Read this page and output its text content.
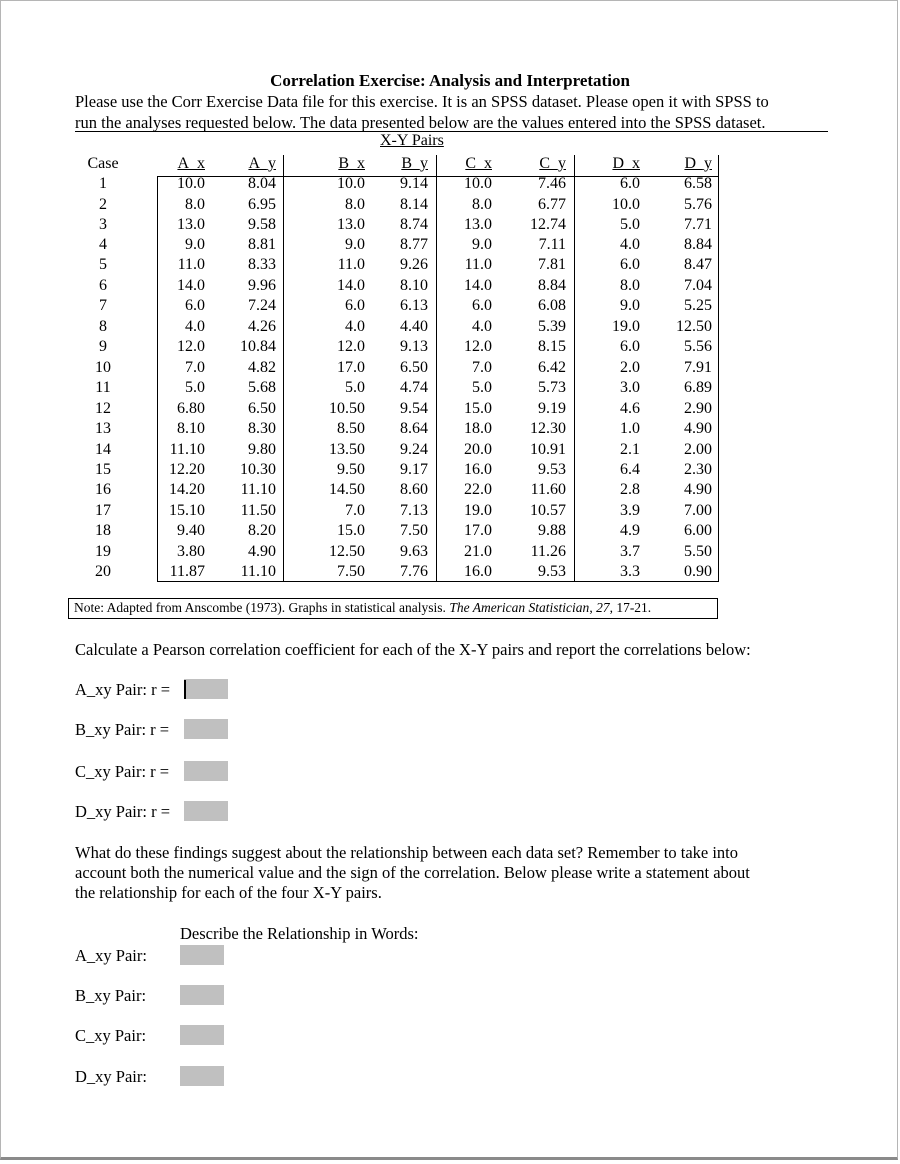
Correlation Exercise: Analysis and Interpretation
Please use the Corr Exercise Data file for this exercise. It is an SPSS dataset. Please open it with SPSS to
run the analyses requested below. The data presented below are the values entered into the SPSS dataset.
X-Y Pairs
Case	A_x	A_y	B_x	B_y	C_x	C_y	D_x	D_y
1	10.0	8.04	10.0	9.14	10.0	7.46	6.0	6.58
2	8.0	6.95	8.0	8.14	8.0	6.77	10.0	5.76
3	13.0	9.58	13.0	8.74	13.0	12.74	5.0	7.71
4	9.0	8.81	9.0	8.77	9.0	7.11	4.0	8.84
5	11.0	8.33	11.0	9.26	11.0	7.81	6.0	8.47
6	14.0	9.96	14.0	8.10	14.0	8.84	8.0	7.04
7	6.0	7.24	6.0	6.13	6.0	6.08	9.0	5.25
8	4.0	4.26	4.0	4.40	4.0	5.39	19.0	12.50
9	12.0	10.84	12.0	9.13	12.0	8.15	6.0	5.56
10	7.0	4.82	17.0	6.50	7.0	6.42	2.0	7.91
11	5.0	5.68	5.0	4.74	5.0	5.73	3.0	6.89
12	6.80	6.50	10.50	9.54	15.0	9.19	4.6	2.90
13	8.10	8.30	8.50	8.64	18.0	12.30	1.0	4.90
14	11.10	9.80	13.50	9.24	20.0	10.91	2.1	2.00
15	12.20	10.30	9.50	9.17	16.0	9.53	6.4	2.30
16	14.20	11.10	14.50	8.60	22.0	11.60	2.8	4.90
17	15.10	11.50	7.0	7.13	19.0	10.57	3.9	7.00
18	9.40	8.20	15.0	7.50	17.0	9.88	4.9	6.00
19	3.80	4.90	12.50	9.63	21.0	11.26	3.7	5.50
20	11.87	11.10	7.50	7.76	16.0	9.53	3.3	0.90
Note: Adapted from Anscombe (1973). Graphs in statistical analysis. The American Statistician, 27, 17-21.
Calculate a Pearson correlation coefficient for each of the X-Y pairs and report the correlations below:
A_xy Pair: r =
B_xy Pair: r =
C_xy Pair: r =
D_xy Pair: r =
What do these findings suggest about the relationship between each data set? Remember to take into
account both the numerical value and the sign of the correlation. Below please write a statement about
the relationship for each of the four X-Y pairs.
Describe the Relationship in Words:
A_xy Pair:
B_xy Pair:
C_xy Pair:
D_xy Pair:
